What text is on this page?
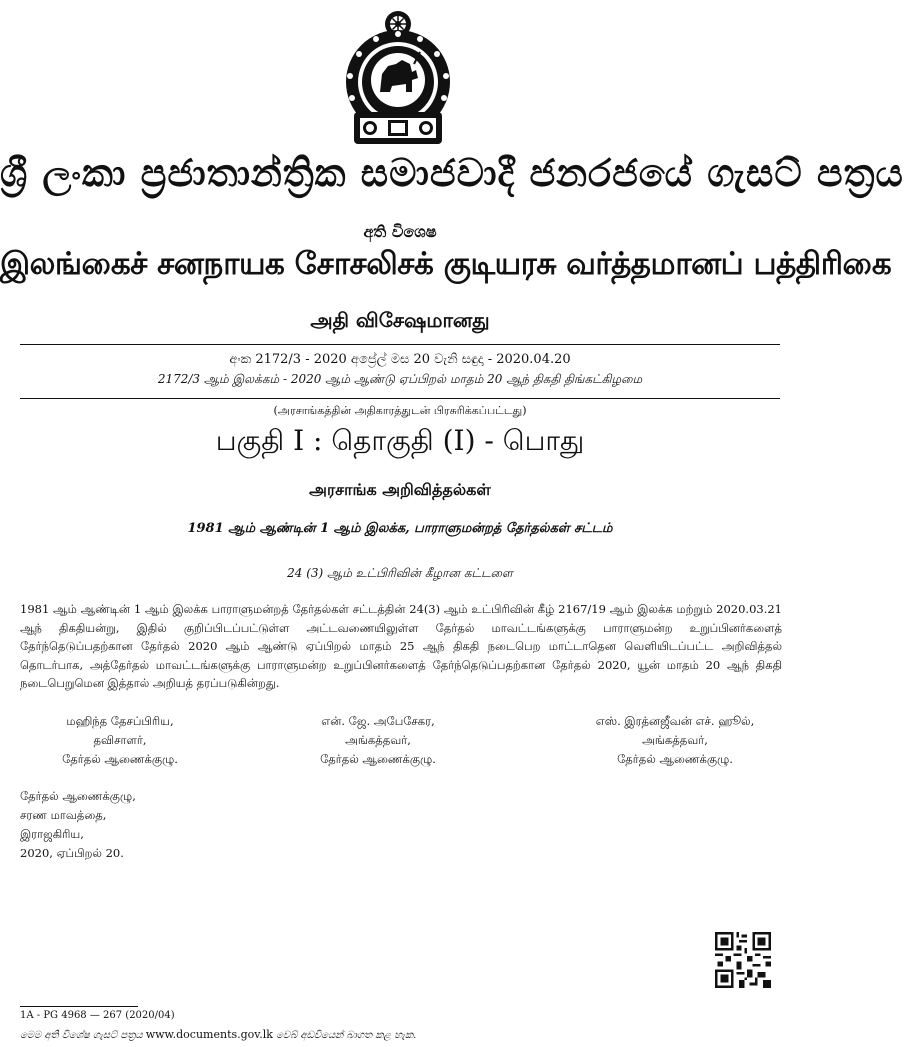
ශ්‍රී ලංකා ප්‍රජාතාන්ත්‍රික සමාජවාදී ජනරජයේ ගැසට් පත්‍රය
අති විශෙෂ
இலங்கைச் சனநாயக சோசலிசக் குடியரசு வர்த்தமானப் பத்திரிகை
அதி விசேஷமானது
අංක 2172/3 - 2020 අප්‍රේල් මස 20 වැනි සඳුදා - 2020.04.20
2172/3 ஆம் இலக்கம் - 2020 ஆம் ஆண்டு ஏப்பிறல் மாதம் 20 ஆந் திகதி திங்கட்கிழமை
(அரசாங்கத்தின் அதிகாரத்துடன் பிரசுரிக்கப்பட்டது)
பகுதி I : தொகுதி (I) - பொது
அரசாங்க அறிவித்தல்கள்
1981 ஆம் ஆண்டின் 1 ஆம் இலக்க, பாராளுமன்றத் தேர்தல்கள் சட்டம்
24 (3) ஆம் உட்பிரிவின் கீழான கட்டளை
1981 ஆம் ஆண்டின் 1 ஆம் இலக்க பாராளுமன்றத் தேர்தல்கள் சட்டத்தின் 24(3) ஆம் உட்பிரிவின் கீழ் 2167/19 ஆம் இலக்க மற்றும் 2020.03.21 ஆந் திகதியன்று, இதில் குறிப்பிடப்பட்டுள்ள அட்டவணையிலுள்ள தேர்தல் மாவட்டங்களுக்கு பாராளுமன்ற உறுப்பினர்களைத் தேர்ந்தெடுப்பதற்கான தேர்தல் 2020 ஆம் ஆண்டு ஏப்பிறல் மாதம் 25 ஆந் திகதி நடைபெற மாட்டாதென வெளியிடப்பட்ட அறிவித்தல் தொடர்பாக, அத்தேர்தல் மாவட்டங்களுக்கு பாராளுமன்ற உறுப்பினர்களைத் தேர்ந்தெடுப்பதற்கான தேர்தல் 2020, யூன் மாதம் 20 ஆந் திகதி நடைபெறுமென இத்தால் அறியத் தரப்படுகின்றது.
மஹிந்த தேசப்பிரிய,
தவிசாளர்,
தேர்தல் ஆணைக்குழு.
என். ஜே. அபேசேகர,
அங்கத்தவர்,
தேர்தல் ஆணைக்குழு.
எஸ். இரத்னஜீவன் எச். ஹூல்,
அங்கத்தவர்,
தேர்தல் ஆணைக்குழு.
தேர்தல் ஆணைக்குழு,
சரண மாவத்தை,
இராஜகிரிய,
2020, ஏப்பிறல் 20.
1A - PG 4968 — 267 (2020/04)
මෙම අති විශේෂ ගැසට් පත්‍රය www.documents.gov.lk වෙබ් අඩවියෙන් බාගත කළ හැක.
